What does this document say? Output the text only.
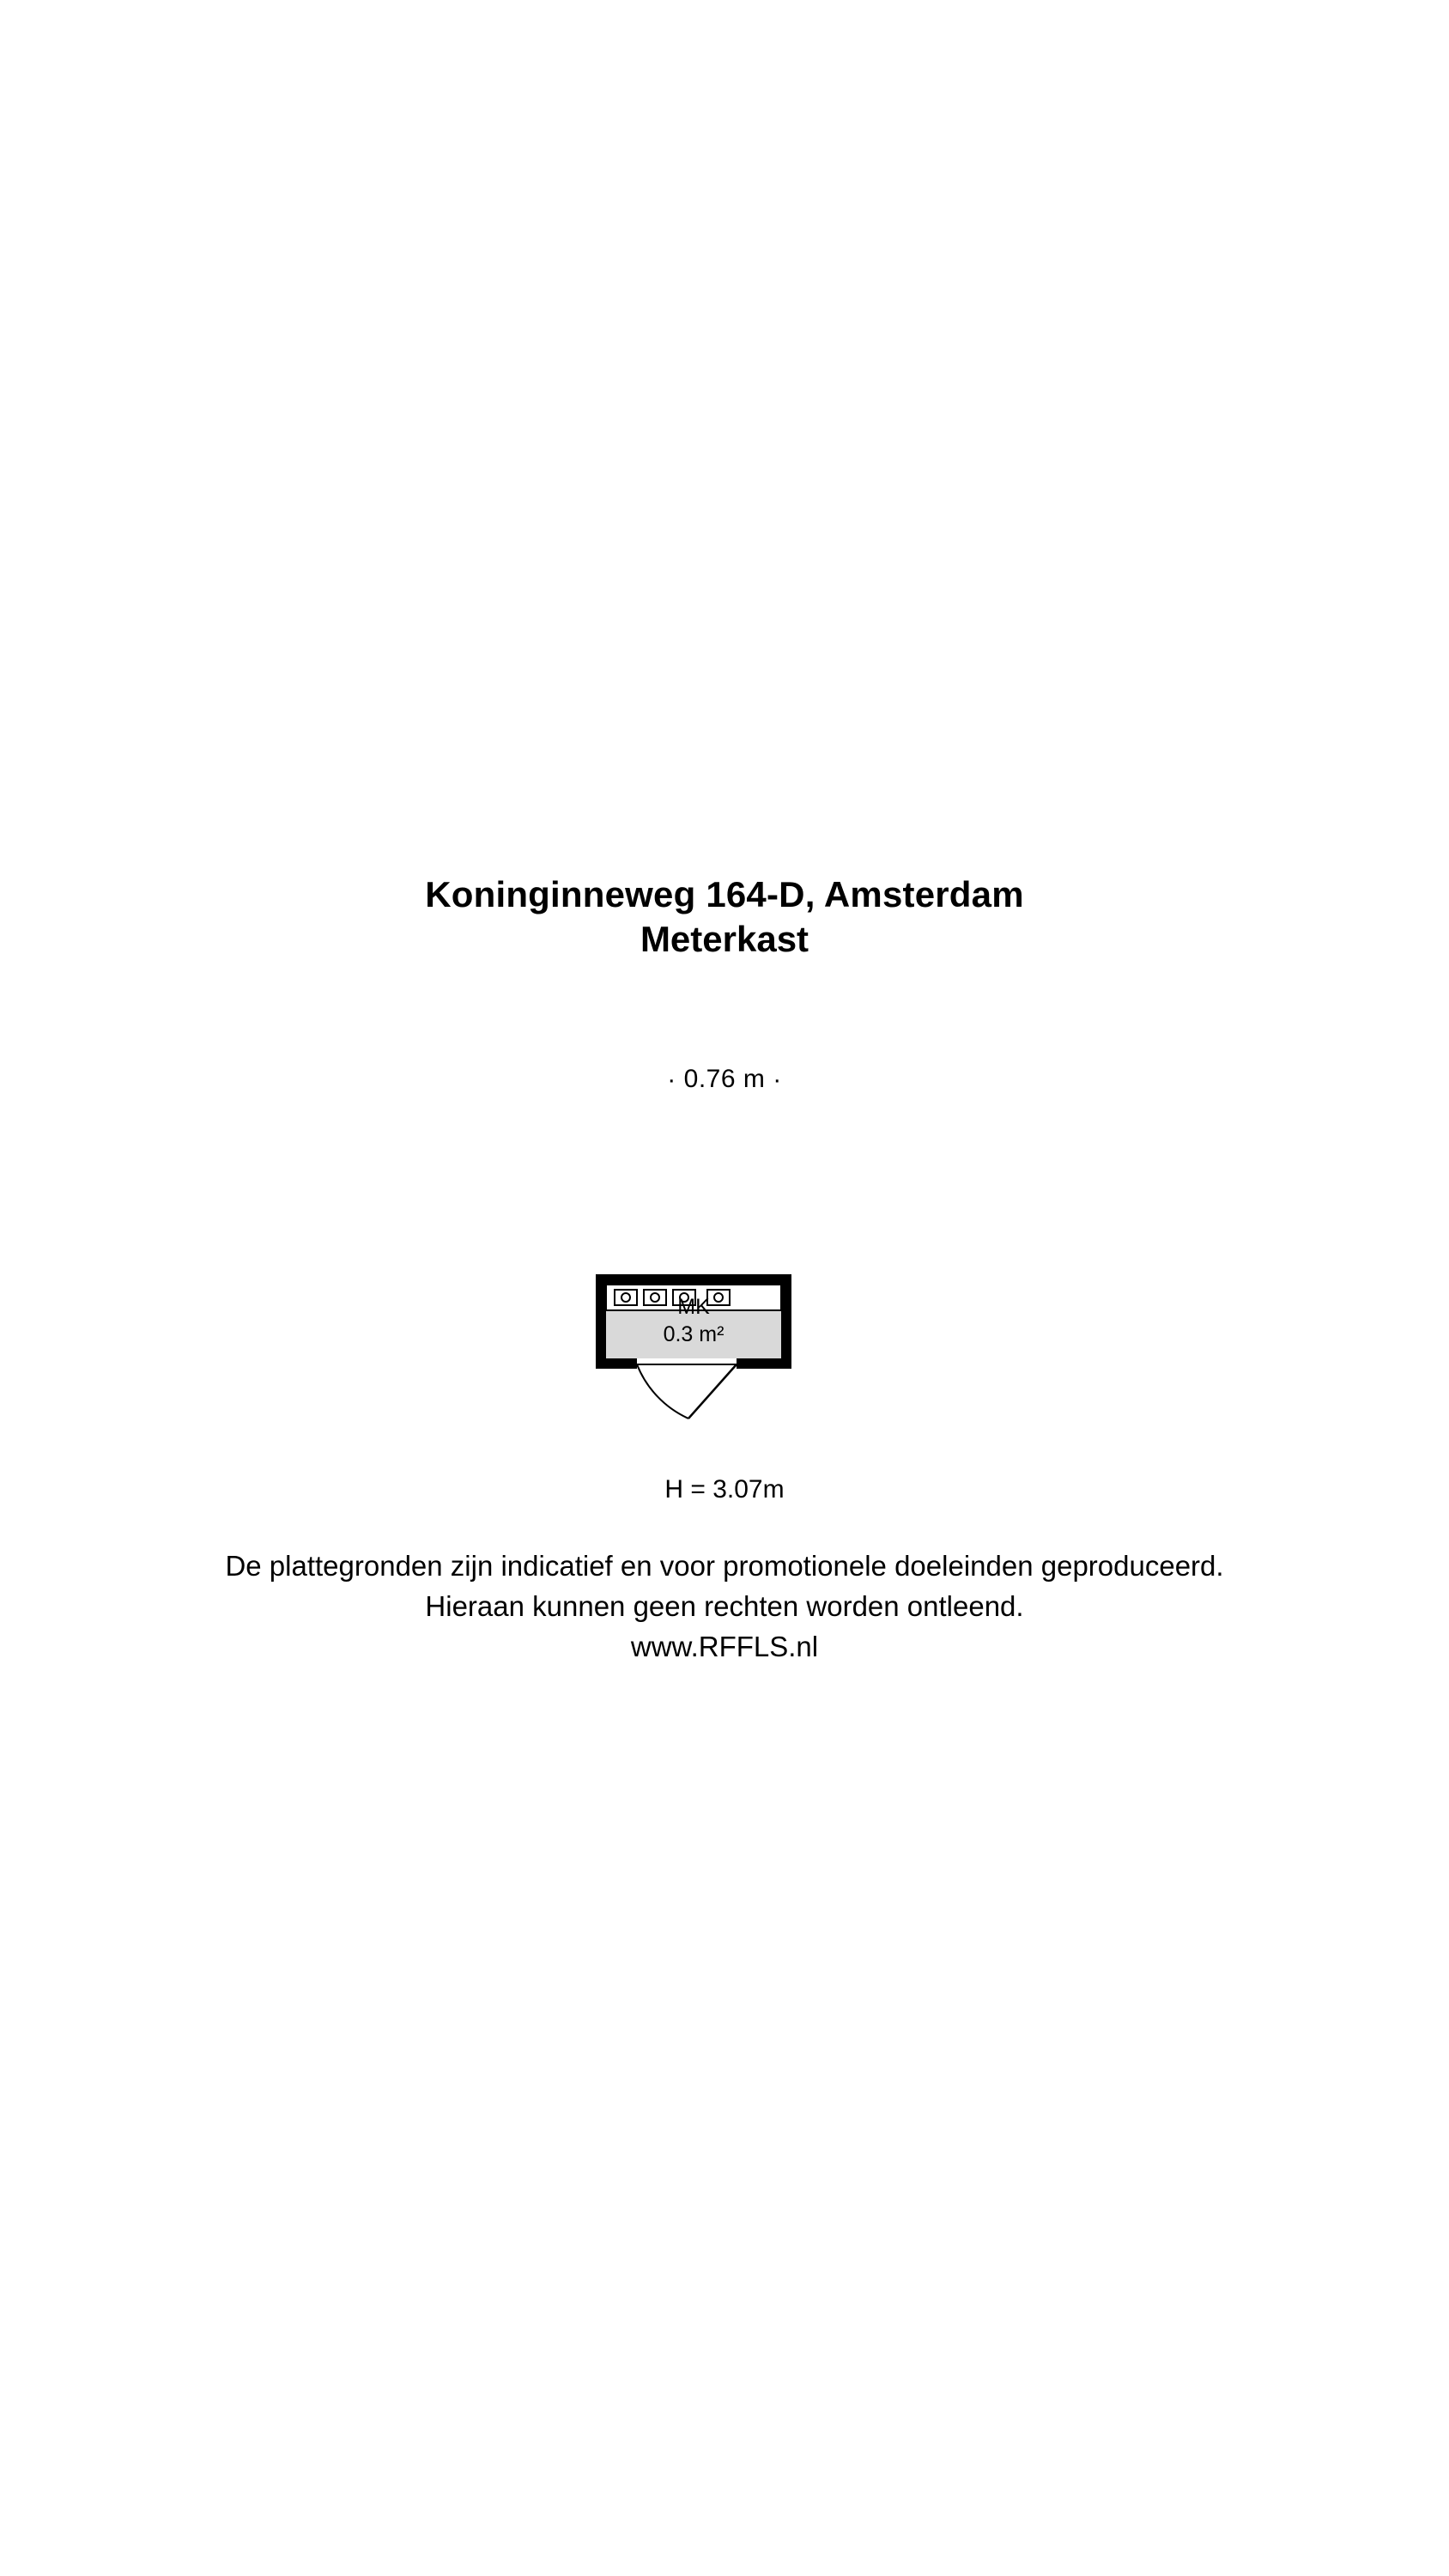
Koninginneweg 164-D, Amsterdam
Meterkast
· 0.76 m ·
MK
0.3 m²
H = 3.07m
De plattegronden zijn indicatief en voor promotionele doeleinden geproduceerd.
Hieraan kunnen geen rechten worden ontleend.
www.RFFLS.nl
